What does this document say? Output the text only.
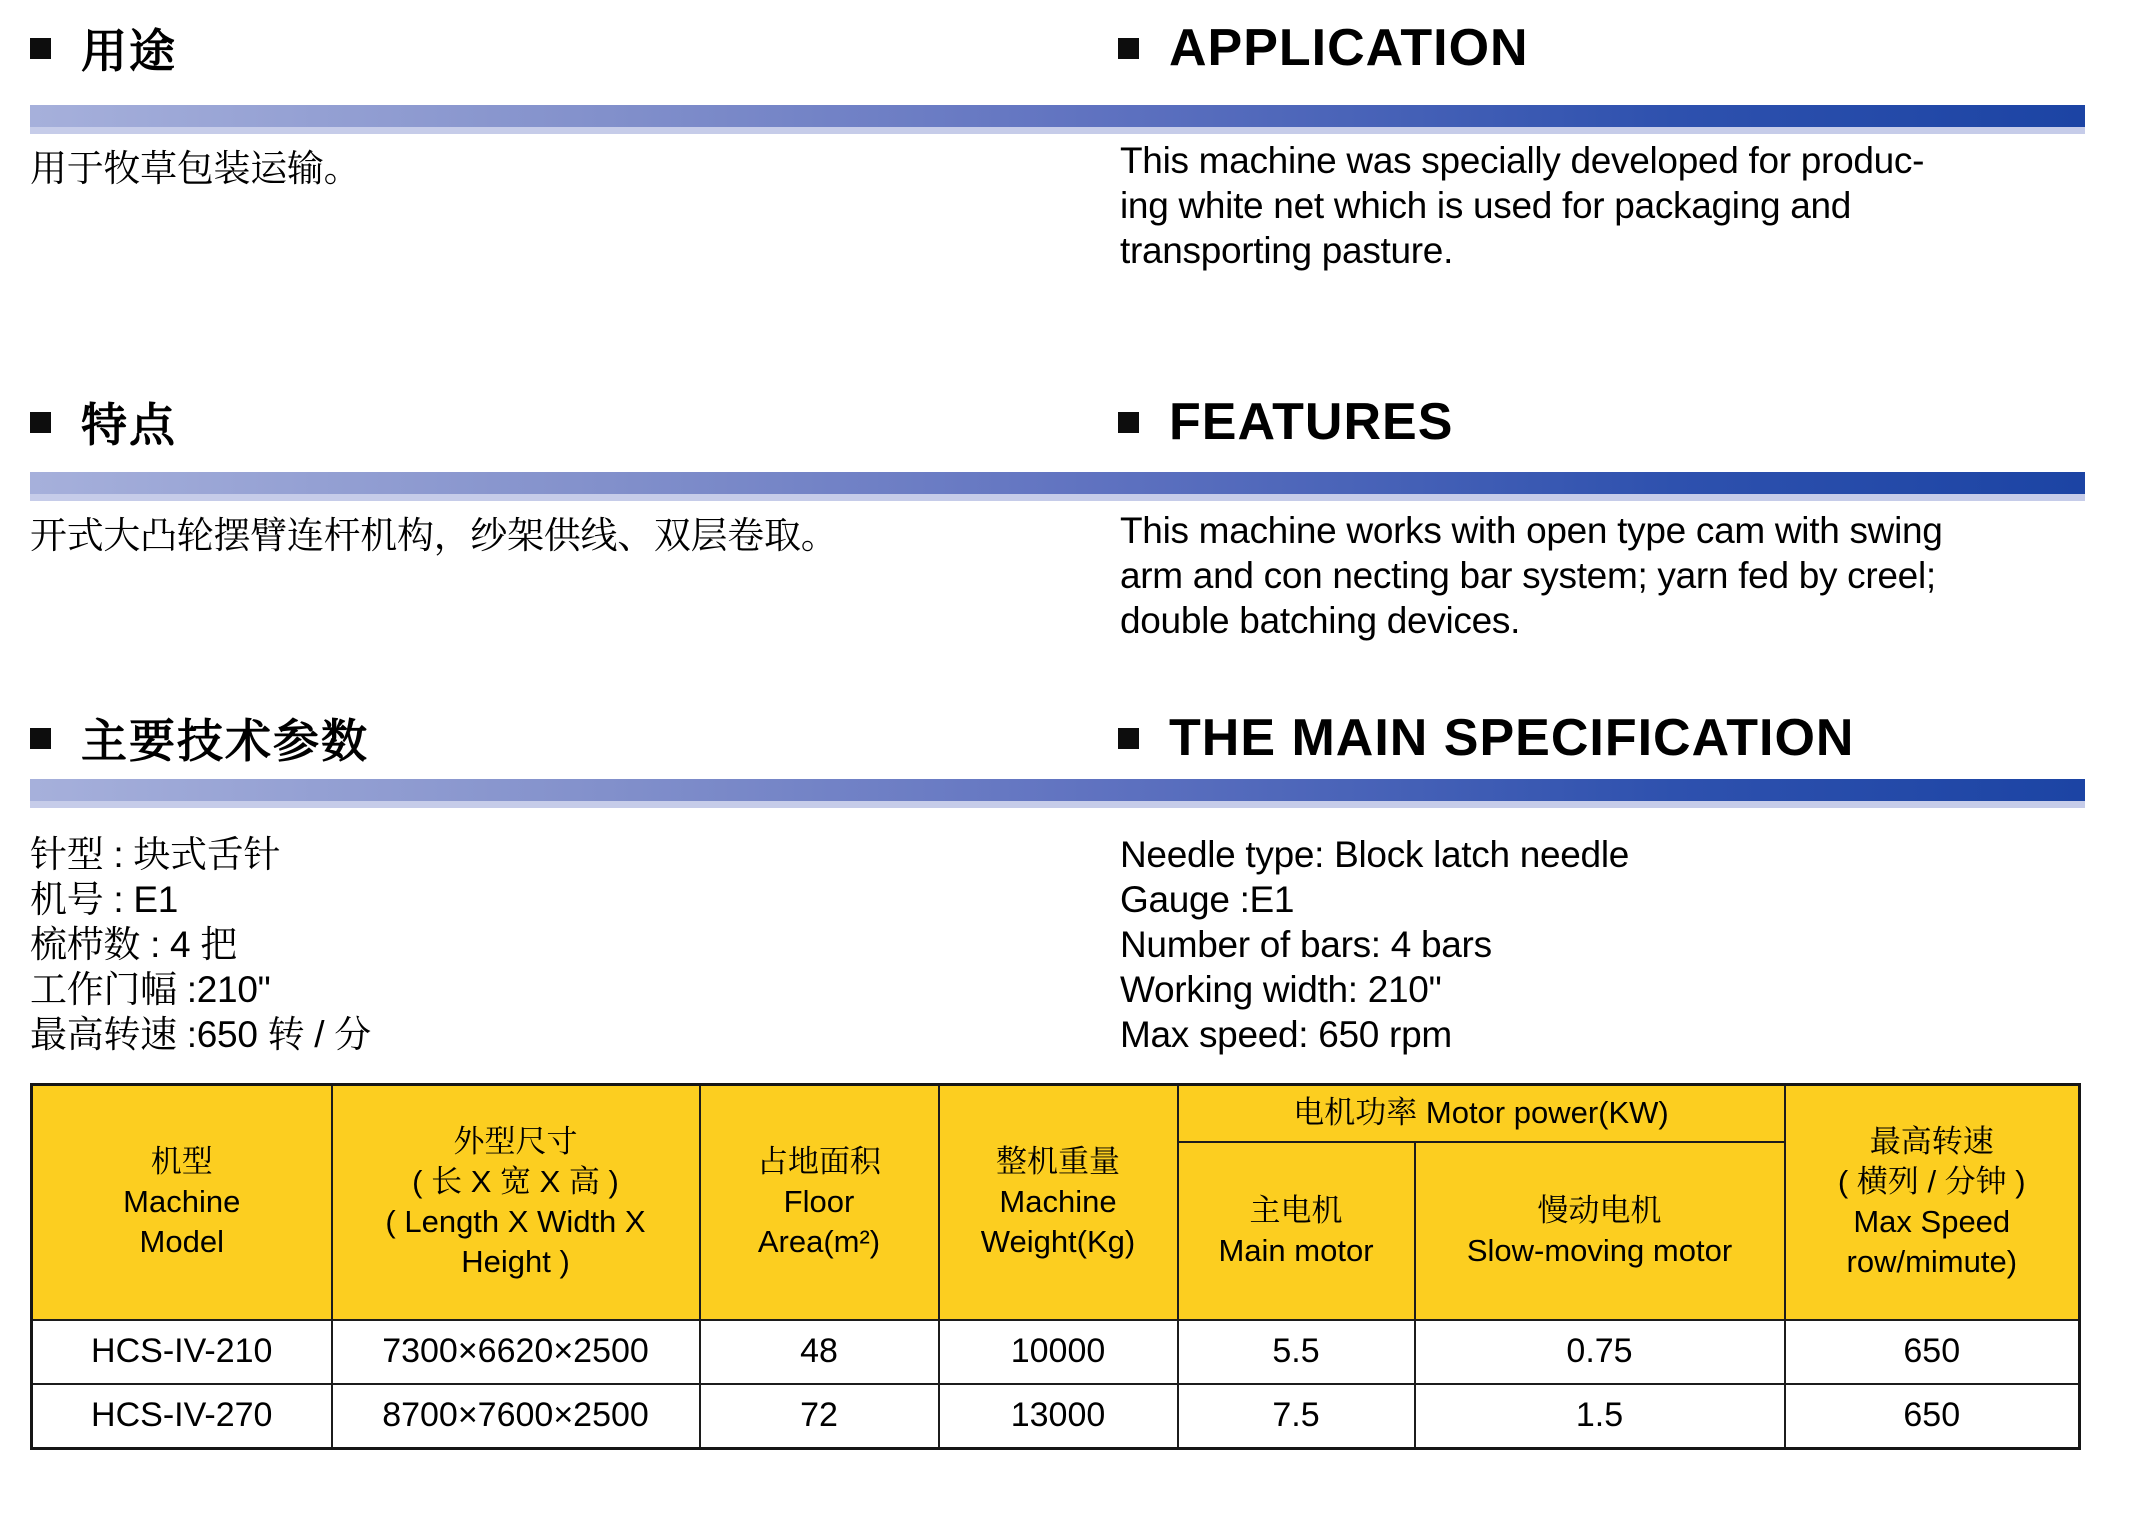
用途	APPLICATION
用于牧草包装运输。	This machine was specially developed for produc-
ing white net which is used for packaging and
transporting pasture.
特点	FEATURES
开式大凸轮摆臂连杆机构，纱架供线、双层卷取。	This machine works with open type cam with swing
arm and con necting bar system; yarn fed by creel;
double batching devices.
主要技术参数	THE MAIN SPECIFICATION
针型 : 块式舌针
机号 : E1
梳栉数 : 4 把
工作门幅 :210"
最高转速 :650 转 / 分
Needle type: Block latch needle
Gauge :E1
Number of bars: 4 bars
Working width: 210"
Max speed: 650 rpm
机型
Machine
Model

外型尺寸
( 长 X 宽 X 高 )
( Length X Width X
Height )

占地面积
Floor
Area(m²)

整机重量
Machine
Weight(Kg)

电机功率 Motor power(KW)

最高转速
( 横列 / 分钟 )
Max Speed
row/mimute)

主电机
Main motor

慢动电机
Slow-moving motor

HCS-IV-210	7300×6620×2500	48	10000	5.5	0.75	650
HCS-IV-270	8700×7600×2500	72	13000	7.5	1.5	650
